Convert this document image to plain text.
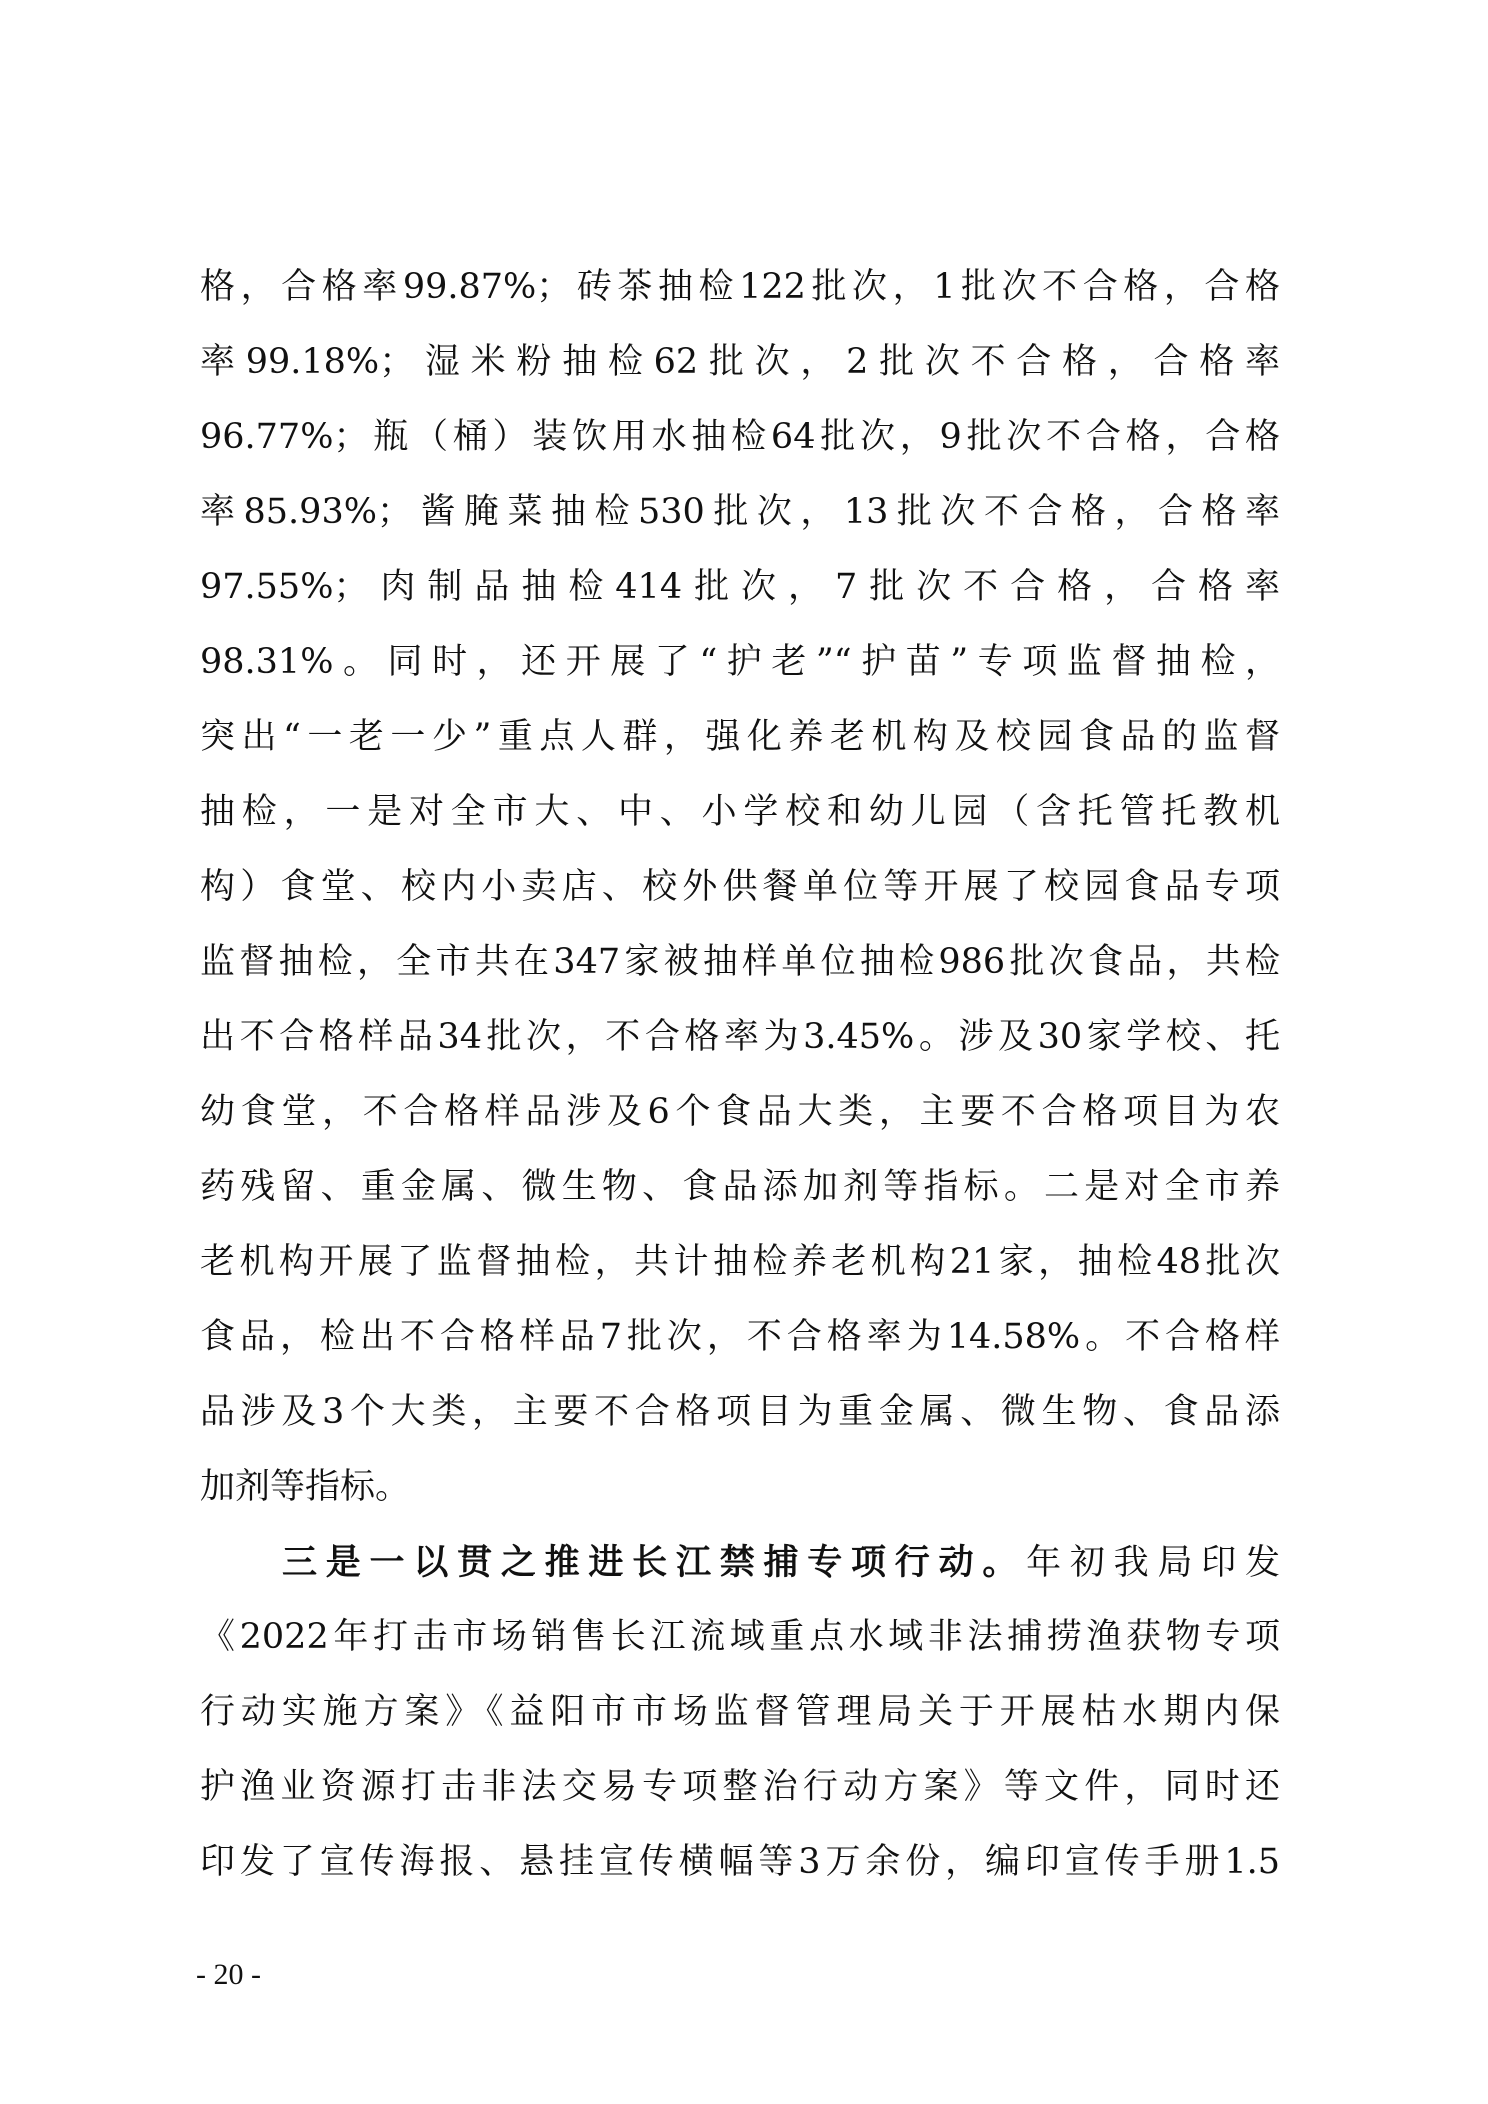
格，合格率99.87%；砖茶抽检122批次，1批次不合格，合格
率99.18%；湿米粉抽检62批次，2批次不合格，合格率
96.77%；瓶（桶）装饮用水抽检64批次，9批次不合格，合格
率85.93%；酱腌菜抽检530批次，13批次不合格，合格率
97.55%；肉制品抽检414批次，7批次不合格，合格率
98.31%。同时，还开展了“护老”“护苗”专项监督抽检，
突出“一老一少”重点人群，强化养老机构及校园食品的监督
抽检，一是对全市大、中、小学校和幼儿园（含托管托教机
构）食堂、校内小卖店、校外供餐单位等开展了校园食品专项
监督抽检，全市共在347家被抽样单位抽检986批次食品，共检
出不合格样品34批次，不合格率为3.45%。涉及30家学校、托
幼食堂，不合格样品涉及6个食品大类，主要不合格项目为农
药残留、重金属、微生物、食品添加剂等指标。二是对全市养
老机构开展了监督抽检，共计抽检养老机构21家，抽检48批次
食品，检出不合格样品7批次，不合格率为14.58%。不合格样
品涉及3个大类，主要不合格项目为重金属、微生物、食品添
加剂等指标。
三是一以贯之推进长江禁捕专项行动。年初我局印发
《2022年打击市场销售长江流域重点水域非法捕捞渔获物专项
行动实施方案》《益阳市市场监督管理局关于开展枯水期内保
护渔业资源打击非法交易专项整治行动方案》等文件，同时还
印发了宣传海报、悬挂宣传横幅等3万余份，编印宣传手册1.5
- 20 -
